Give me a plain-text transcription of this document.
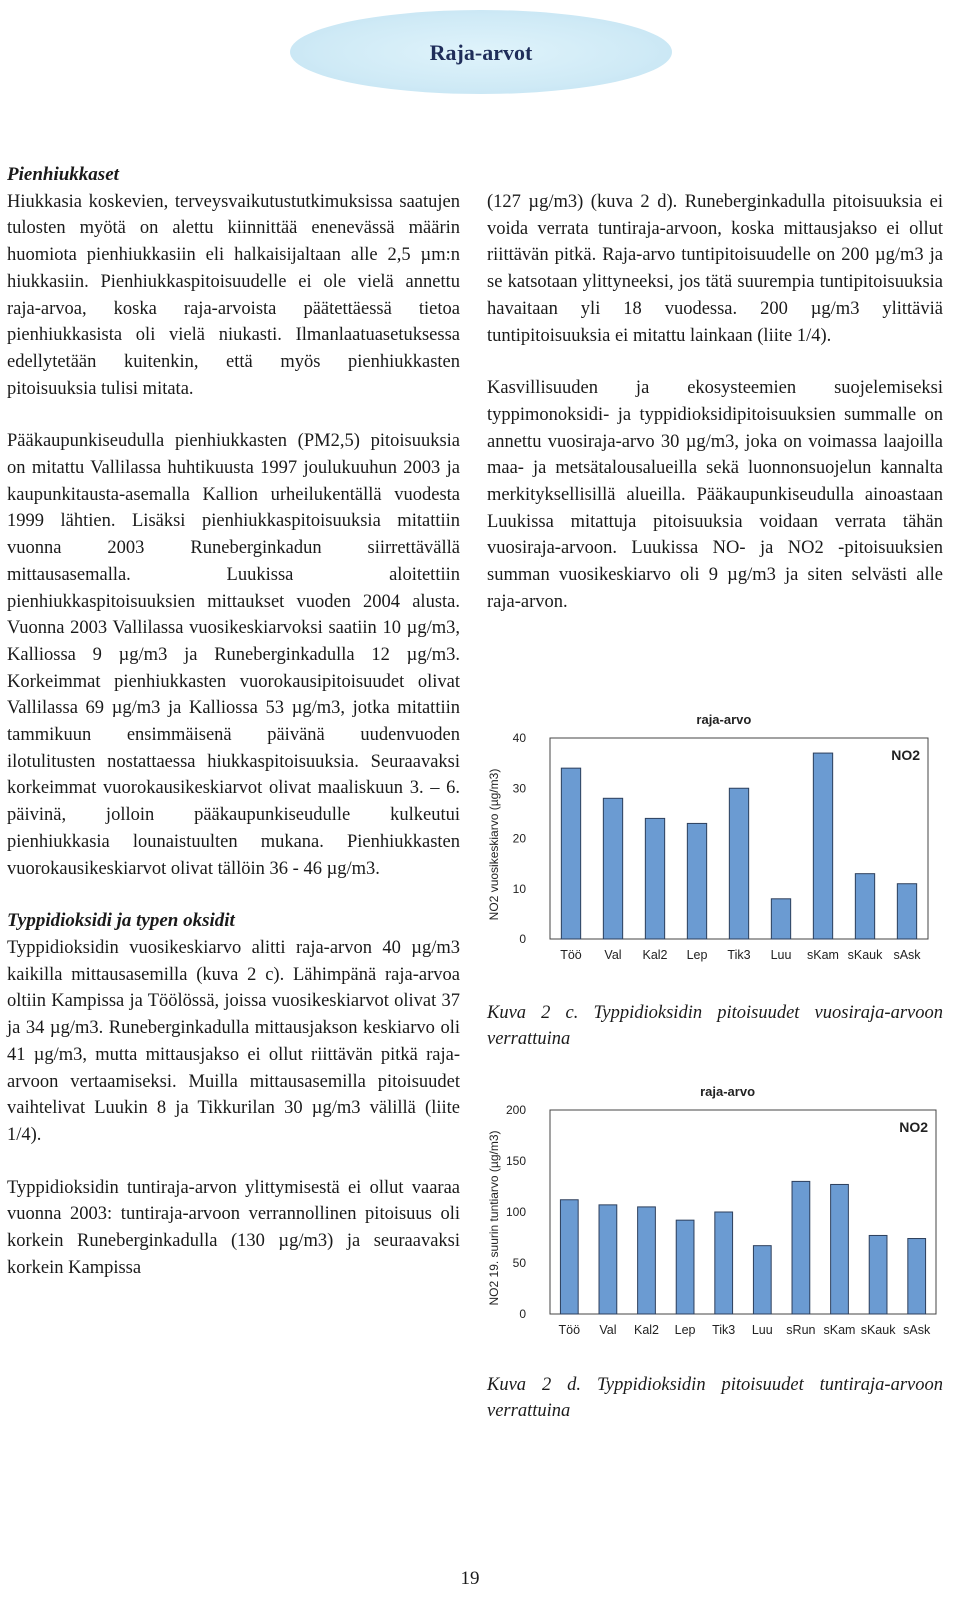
Raja-arvot
Pienhiukkaset

Hiukkasia koskevien, terveysvaikutustutkimuksissa saatujen tulosten myötä on alettu kiinnittää enenevässä määrin huomiota pienhiukkasiin eli halkaisijaltaan alle 2,5 µm:n hiukkasiin. Pienhiukkaspitoisuudelle ei ole vielä annettu raja-arvoa, koska raja-arvoista päätettäessä tietoa pienhiukkasista oli vielä niukasti. Ilmanlaatuasetuksessa edellytetään kuitenkin, että myös pienhiukkasten pitoisuuksia tulisi mitata.

Pääkaupunkiseudulla pienhiukkasten (PM2,5) pitoisuuksia on mitattu Vallilassa huhtikuusta 1997 joulukuuhun 2003 ja kaupunkitausta-asemalla Kallion urheilukentällä vuodesta 1999 lähtien. Lisäksi pienhiukkaspitoisuuksia mitattiin vuonna 2003 Runeberginkadun siirrettävällä mittausasemalla. Luukissa aloitettiin pienhiukkaspitoisuuksien mittaukset vuoden 2004 alusta. Vuonna 2003 Vallilassa vuosikeskiarvoksi saatiin 10 µg/m3, Kalliossa 9 µg/m3 ja Runeberginkadulla 12 µg/m3. Korkeimmat pienhiukkasten vuorokausipitoisuudet olivat Vallilassa 69 µg/m3 ja Kalliossa 53 µg/m3, jotka mitattiin tammikuun ensimmäisenä päivänä uudenvuoden ilotulitusten nostattaessa hiukkaspitoisuuksia. Seuraavaksi korkeimmat vuorokausikeskiarvot olivat maaliskuun 3. – 6. päivinä, jolloin pääkaupunkiseudulle kulkeutui pienhiukkasia lounaistuulten mukana. Pienhiukkasten vuorokausikeskiarvot olivat tällöin 36 - 46 µg/m3.

Typpidioksidi ja typen oksidit

Typpidioksidin vuosikeskiarvo alitti raja-arvon 40 µg/m3 kaikilla mittausasemilla (kuva 2 c). Lähimpänä raja-arvoa oltiin Kampissa ja Töölössä, joissa vuosikeskiarvot olivat 37 ja 34 µg/m3. Runeberginkadulla mittausjakson keskiarvo oli 41 µg/m3, mutta mittausjakso ei ollut riittävän pitkä raja-arvoon vertaamiseksi. Muilla mittausasemilla pitoisuudet vaihtelivat Luukin 8 ja Tikkurilan 30 µg/m3 välillä (liite 1/4).

Typpidioksidin tuntiraja-arvon ylittymisestä ei ollut vaaraa vuonna 2003: tuntiraja-arvoon verrannollinen pitoisuus oli korkein Runeberginkadulla (130 µg/m3) ja seuraavaksi korkein Kampissa

(127 µg/m3) (kuva 2 d). Runeberginkadulla pitoisuuksia ei voida verrata tuntiraja-arvoon, koska mittausjakso ei ollut riittävän pitkä. Raja-arvo tuntipitoisuudelle on 200 µg/m3 ja se katsotaan ylittyneeksi, jos tätä suurempia tuntipitoisuuksia havaitaan yli 18 vuodessa. 200 µg/m3 ylittäviä tuntipitoisuuksia ei mitattu lainkaan (liite 1/4).

Kasvillisuuden ja ekosysteemien suojelemiseksi typpimonoksidi- ja typpidioksidipitoisuuksien summalle on annettu vuosiraja-arvo 30 µg/m3, joka on voimassa laajoilla maa- ja metsätalousalueilla sekä luonnonsuojelun kannalta merkityksellisillä alueilla. Pääkaupunkiseudulla ainoastaan Luukissa mitattuja pitoisuuksia voidaan verrata tähän vuosiraja-arvoon. Luukissa NO- ja NO2 -pitoisuuksien summan vuosikeskiarvo oli 9 µg/m3 ja siten selvästi alle raja-arvon.

0
10
20
30
40
Töö Val Kal2 Lep Tik3 Luu sKam sKauk sAsk
raja-arvo
NO2
NO2 vuosikeskiarvo (µg/m3)
Kuva 2 c. Typpidioksidin pitoisuudet vuosiraja-arvoon verrattuina
0
50
100
150
200
Töö Val Kal2 Lep Tik3 Luu sRun sKam sKauk sAsk
raja-arvo
NO2
NO2 19. suurin tuntiarvo (µg/m3)
Kuva 2 d. Typpidioksidin pitoisuudet tuntiraja-arvoon verrattuina
19
